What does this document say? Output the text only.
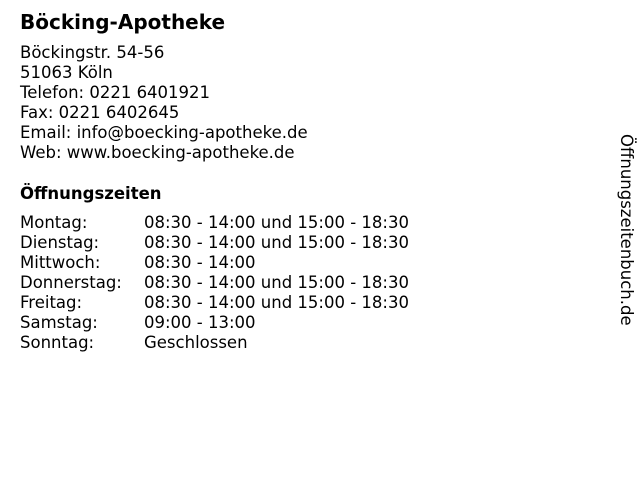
Böcking-Apotheke
Böckingstr. 54-56
51063 Köln
Telefon: 0221 6401921
Fax: 0221 6402645
Email: info@boecking-apotheke.de
Web: www.boecking-apotheke.de
Öffnungszeiten
Montag:	08:30 - 14:00 und 15:00 - 18:30
Dienstag:	08:30 - 14:00 und 15:00 - 18:30
Mittwoch:	08:30 - 14:00
Donnerstag: 08:30 - 14:00 und 15:00 - 18:30
Freitag:	08:30 - 14:00 und 15:00 - 18:30
Samstag:	09:00 - 13:00
Sonntag:	Geschlossen
Öffnungszeitenbuch.de
